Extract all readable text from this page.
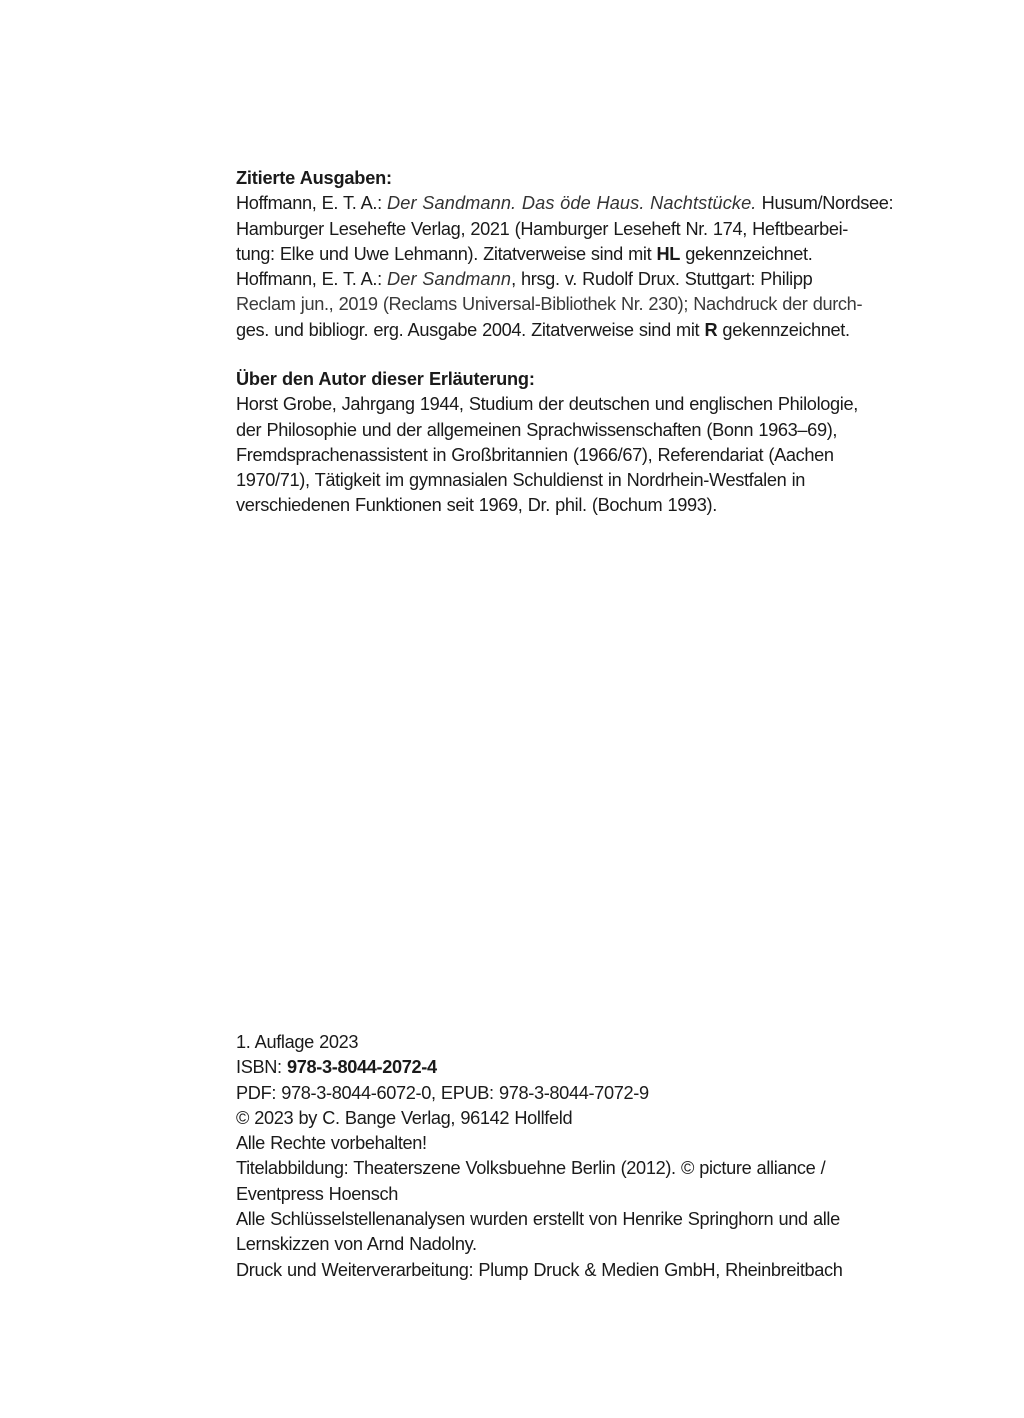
Zitierte Ausgaben:

Hoffmann, E. T. A.: Der Sandmann. Das öde Haus. Nachtstücke. Husum/Nordsee:

Hamburger Lesehefte Verlag, 2021 (Hamburger Leseheft Nr. 174, Heftbearbei-

tung: Elke und Uwe Lehmann). Zitatverweise sind mit HL gekennzeichnet.

Hoffmann, E. T. A.: Der Sandmann, hrsg. v. Rudolf Drux. Stuttgart: Philipp

Reclam jun., 2019 (Reclams Universal-Bibliothek Nr. 230); Nachdruck der durch-

ges. und bibliogr. erg. Ausgabe 2004. Zitatverweise sind mit R gekennzeichnet.

Über den Autor dieser Erläuterung:

Horst Grobe, Jahrgang 1944, Studium der deutschen und englischen Philologie,

der Philosophie und der allgemeinen Sprachwissenschaften (Bonn 1963–69),

Fremdsprachenassistent in Großbritannien (1966/67), Referendariat (Aachen

1970/71), Tätigkeit im gymnasialen Schuldienst in Nordrhein-Westfalen in

verschiedenen Funktionen seit 1969, Dr. phil. (Bochum 1993).

1. Auflage 2023

ISBN: 978-3-8044-2072-4

PDF: 978-3-8044-6072-0, EPUB: 978-3-8044-7072-9

© 2023 by C. Bange Verlag, 96142 Hollfeld

Alle Rechte vorbehalten!

Titelabbildung: Theaterszene Volksbuehne Berlin (2012). © picture alliance /

Eventpress Hoensch

Alle Schlüsselstellenanalysen wurden erstellt von Henrike Springhorn und alle

Lernskizzen von Arnd Nadolny.

Druck und Weiterverarbeitung: Plump Druck & Medien GmbH, Rheinbreitbach
